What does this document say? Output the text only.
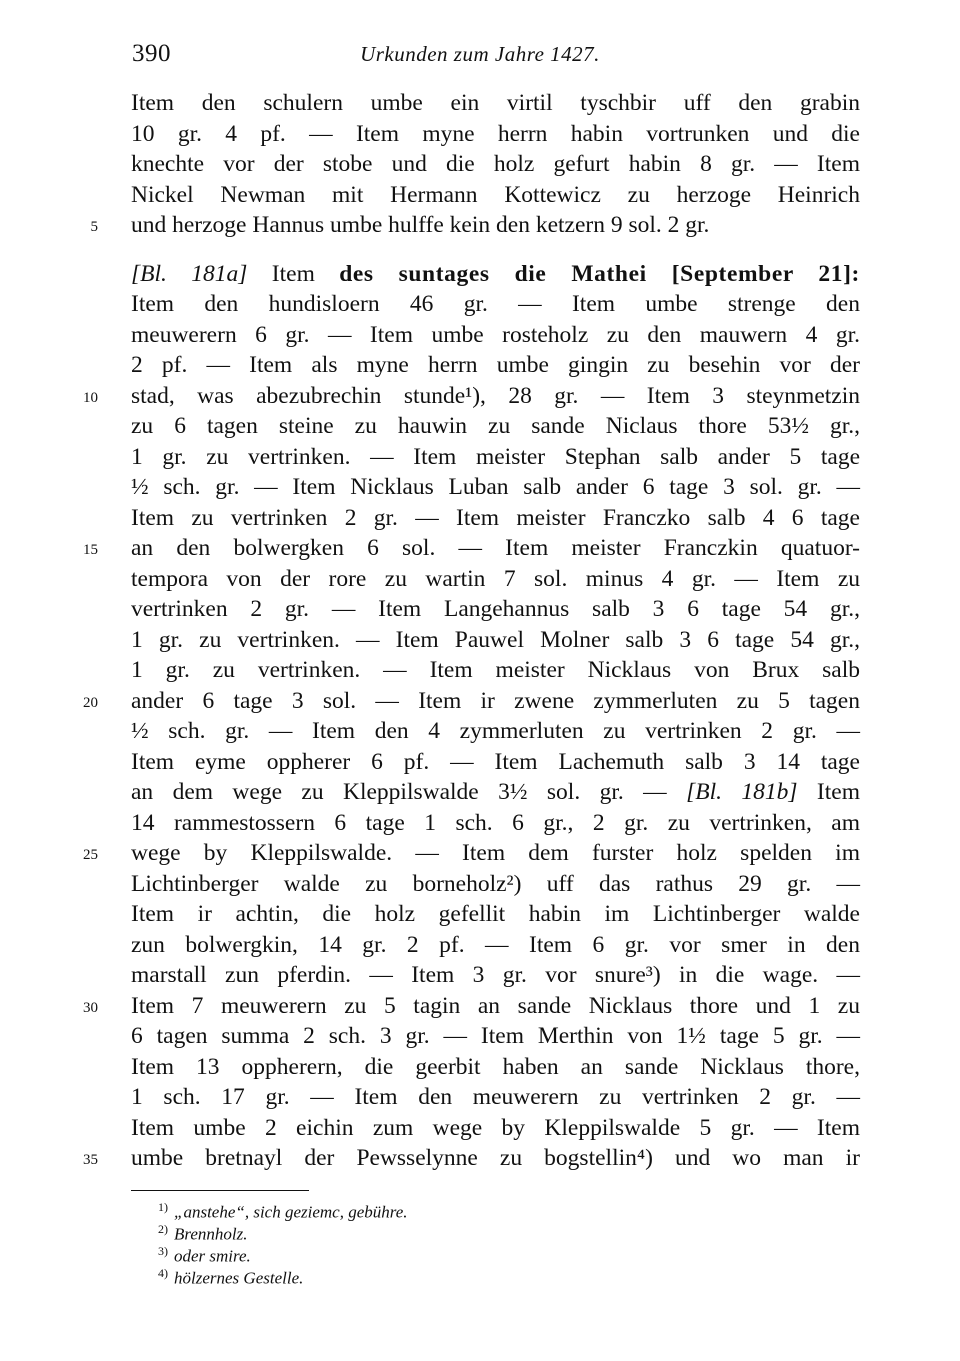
390	Urkunden zum Jahre 1427.
Item den schulern umbe ein virtil tyschbir uff den grabin
10 gr. 4 pf. — Item myne herrn habin vortrunken und die
knechte vor der stobe und die holz gefurt habin 8 gr. — Item
Nickel Newman mit Hermann Kottewicz zu herzoge Heinrich
und herzoge Hannus umbe hulffe kein den ketzern 9 sol. 2 gr.
5
[Bl. 181a] Item des suntages die Mathei [September 21]:
Item den hundisloern 46 gr. — Item umbe strenge den
meuwerern 6 gr. — Item umbe rosteholz zu den mauwern 4 gr.
2 pf. — Item als myne herrn umbe gingin zu besehin vor der
stad, was abezubrechin stunde¹), 28 gr. — Item 3 steynmetzin
10
zu 6 tagen steine zu hauwin zu sande Niclaus thore 53½ gr.,
1 gr. zu vertrinken. — Item meister Stephan salb ander 5 tage
½ sch. gr. — Item Nicklaus Luban salb ander 6 tage 3 sol. gr. —
Item zu vertrinken 2 gr. — Item meister Franczko salb 4 6 tage
an den bolwergken 6 sol. — Item meister Franczkin quatuor-
15
tempora von der rore zu wartin 7 sol. minus 4 gr. — Item zu
vertrinken 2 gr. — Item Langehannus salb 3 6 tage 54 gr.,
1 gr. zu vertrinken. — Item Pauwel Molner salb 3 6 tage 54 gr.,
1 gr. zu vertrinken. — Item meister Nicklaus von Brux salb
ander 6 tage 3 sol. — Item ir zwene zymmerluten zu 5 tagen
20
½ sch. gr. — Item den 4 zymmerluten zu vertrinken 2 gr. —
Item eyme oppherer 6 pf. — Item Lachemuth salb 3 14 tage
an dem wege zu Kleppilswalde 3½ sol. gr. — [Bl. 181b] Item
14 rammestossern 6 tage 1 sch. 6 gr., 2 gr. zu vertrinken, am
wege by Kleppilswalde. — Item dem furster holz spelden im
25
Lichtinberger walde zu borneholz²) uff das rathus 29 gr. —
Item ir achtin, die holz gefellit habin im Lichtinberger walde
zun bolwergkin, 14 gr. 2 pf. — Item 6 gr. vor smer in den
marstall zun pferdin. — Item 3 gr. vor snure³) in die wage. —
Item 7 meuwerern zu 5 tagin an sande Nicklaus thore und 1 zu
30
6 tagen summa 2 sch. 3 gr. — Item Merthin von 1½ tage 5 gr. —
Item 13 oppherern, die geerbit haben an sande Nicklaus thore,
1 sch. 17 gr. — Item den meuwerern zu vertrinken 2 gr. —
Item umbe 2 eichin zum wege by Kleppilswalde 5 gr. — Item
umbe bretnayl der Pewsselynne zu bogstellin⁴) und wo man ir
35
$^{1)}$ „anstehe“, sich geziemc, gebühre.
$^{2)}$ Brennholz.
$^{3)}$ oder smire.
$^{4)}$ hölzernes Gestelle.
